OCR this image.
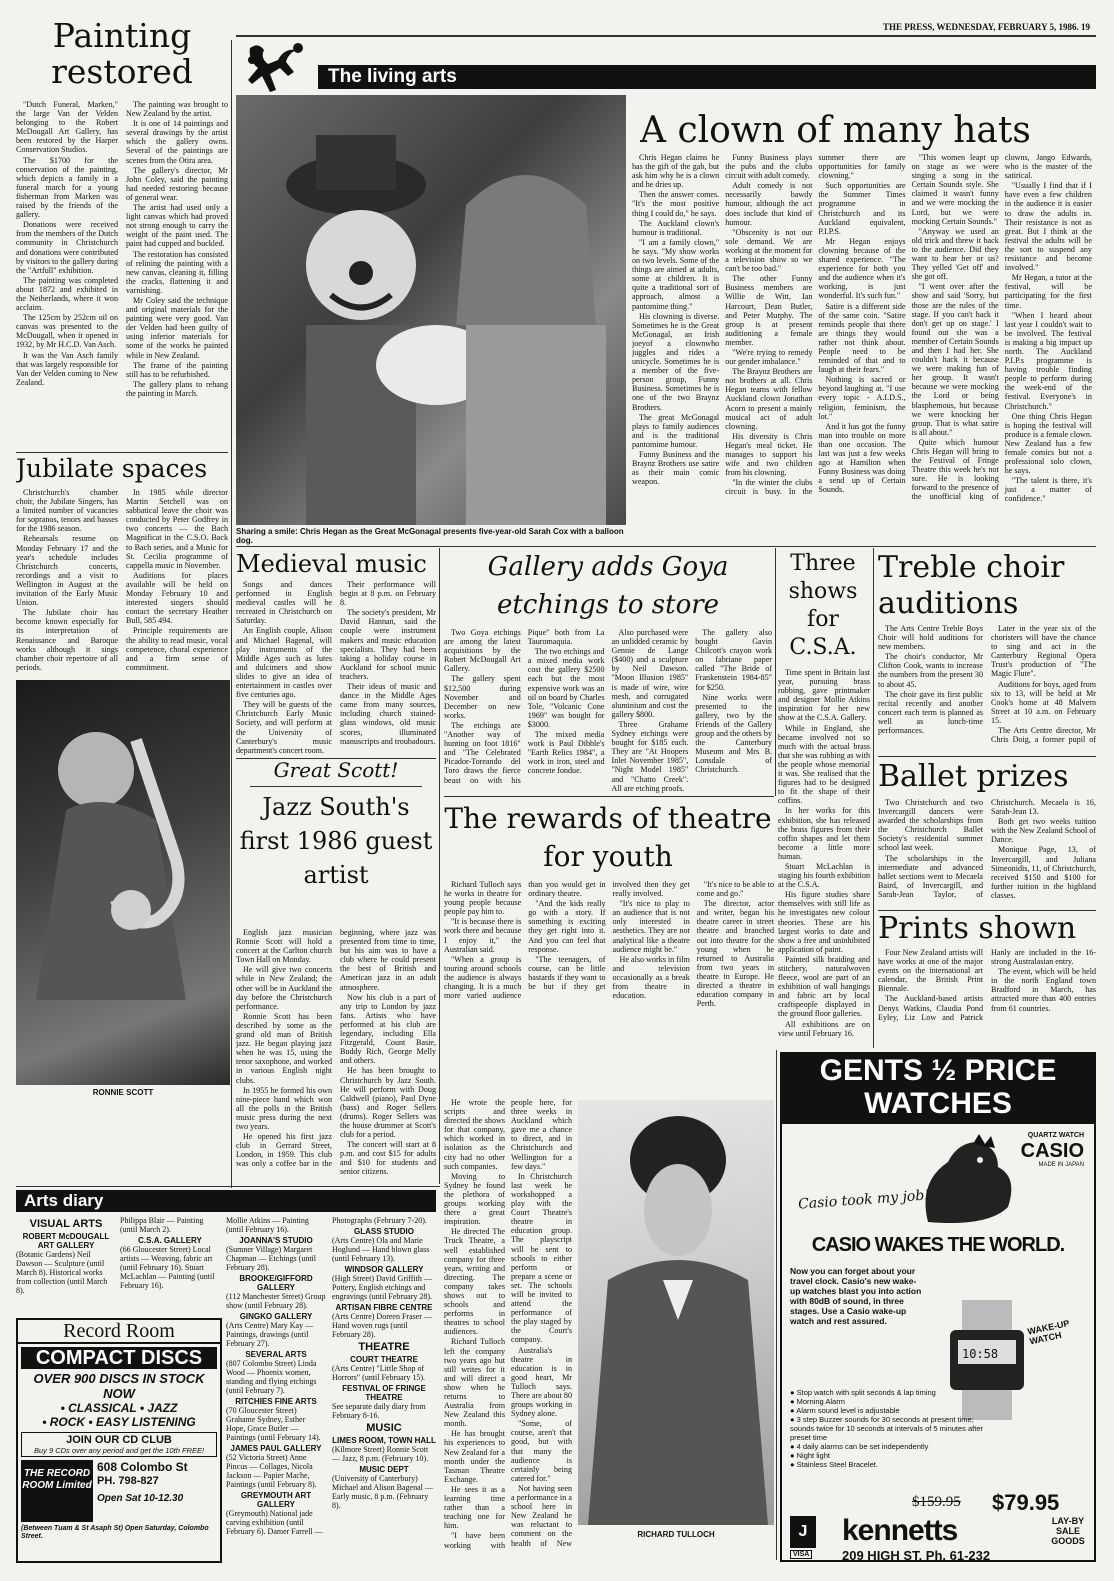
THE PRESS, WEDNESDAY, FEBRUARY 5, 1986. 19
The living arts
Painting restored

"Dutch Funeral, Marken," the large Van der Velden belonging to the Robert McDougall Art Gallery, has been restored by the Harper Conservation Studios.

The $1700 for the conservation of the painting, which depicts a family in a funeral march for a young fisherman from Marken was raised by the friends of the gallery.

Donations were received from the members of the Dutch community in Christchurch and donations were contributed by visitors to the gallery during the "Artfull" exhibition.

The painting was completed about 1872 and exhibited in the Netherlands, where it won acclaim.

The 125cm by 252cm oil on canvas was presented to the McDougall, when it opened in 1932, by Mr H.C.D. Van Asch.

It was the Van Asch family that was largely responsible for Van der Velden coming to New Zealand.

The painting was brought to New Zealand by the artist.

It is one of 14 paintings and several drawings by the artist which the gallery owns. Several of the paintings are scenes from the Otira area.

The gallery's director, Mr John Coley, said the painting had needed restoring because of general wear.

The artist had used only a light canvas which had proved not strong enough to carry the weight of the paint used. The paint had cupped and buckled.

The restoration has consisted of relining the painting with a new canvas, cleaning it, filling the cracks, flattening it and varnishing.

Mr Coley said the technique and original materials for the painting were very good. Van der Velden had been guilty of using inferior materials for some of the works he painted while in New Zealand.

The frame of the painting still has to be refurbished.

The gallery plans to rehang the painting in March.

Jubilate spaces

Christchurch's chamber choir, the Jubilate Singers, has a limited number of vacancies for sopranos, tenors and basses for the 1986 season.

Rehearsals resume on Monday February 17 and the year's schedule includes Christchurch concerts, recordings and a visit to Wellington in August at the invitation of the Early Music Union.

The Jubilate choir has become known especially for its interpretation of Renaissance and Baroque works although it sings chamber choir repertoire of all periods.

In 1985 while director Martin Setchell was on sabbatical leave the choir was conducted by Peter Godfrey in two concerts — the Bach Magnificat in the C.S.O. Back to Bach series, and a Music for St. Cecilia programme of cappella music in November.

Auditions for places available will be held on Monday February 10 and interested singers should contact the secretary Heather Bull, 585 494.

Principle requirements are the ability to read music, vocal competence, choral experience and a firm sense of commitment.

Sharing a smile: Chris Hegan as the Great McGonagal presents five-year-old Sarah Cox with a balloon dog.
A clown of many hats

Chris Hegan claims he has the gift of the gab, but ask him why he is a clown and he dries up.

Then the answer comes. "It's the most positive thing I could do," he says.

The Auckland clown's humour is traditional.

"I am a family clown," he says. "My show works on two levels. Some of the things are aimed at adults, some at children. It is quite a traditional sort of approach, almost a pantomime thing."

His clowning is diverse. Sometimes he is the Great McGonagal, an Irish joeyof a clownwho juggles and rides a unicycle. Sometimes he is a member of the five-person group, Funny Business. Sometimes he is one of the two Braynz Brothers.

The great McGonagal plays to family audiences and is the traditional pantomime humour.

Funny Business and the Braynz Brothers use satire as their main comic weapon.

Funny Business plays the pubs and the clubs circuit with adult comedy.

Adult comedy is not necessarily bawdy humour, although the act does include that kind of humour.

"Obscenity is not our sole demand. We are working at the moment for a television show so we can't be too bad."

The other Funny Business members are Willie de Witt, Ian Harcourt, Dean Butler, and Peter Murphy. The group is at present auditioning a female member.

"We're trying to remedy our gender imbalance."

The Braynz Brothers are not brothers at all. Chris Hegan teams with fellow Auckland clown Jonathan Acorn to present a mainly musical act of adult clowning.

His diversity is Chris Hegan's meal ticket. He manages to support his wife and two children from his clowning.

"In the winter the clubs circuit is busy. In the summer there are opportunities for family clowning."

Such opportunities are the Summer Times programme in Christchurch and its Auckland equivalent, P.I.P.S.

Mr Hegan enjoys clowning because of the shared experience. "The experience for both you and the audience when it's working, is just wonderful. It's such fun."

Satire is a different side of the same coin. "Satire reminds people that there are things they would rather not think about. People need to be reminded of that and to laugh at their fears."

Nothing is sacred or beyond laughing at. "I use every topic - A.I.D.S., religion, feminism, the lot."

And it has got the funny man into trouble on more than one occasion. The last was just a few weeks ago at Hamilton when Funny Business was doing a send up of Certain Sounds.

"This women leapt up on stage as we were singing a song in the Certain Sounds style. She claimed it wasn't funny and we were mocking the Lord, but we were mocking Certain Sounds."

"Anyway we used an old trick and threw it back to the audience. Did they want to hear her or us? They yelled 'Get off' and she got off.

"I went over after the show and said 'Sorry, but those are the rules of the stage. If you can't hack it don't get up on stage.' I found out she was a member of Certain Sounds and then I had her. She couldn't hack it because we were making fun of her group. It wasn't because we were mocking the Lord or being blasphemous, but because we were knocking her group. That is what satire is all about."

Quite which humour Chris Hegan will bring to the Festival of Fringe Theatre this week he's not sure. He is looking forward to the presence of the unofficial king of clowns, Jango Edwards, who is the master of the satirical.

"Usually I find that if I have even a few children in the audience it is easier to draw the adults in. Their resistance is not as great. But I think at the festival the adults will be the sort to suspend any resistance and become involved."

Mr Hegan, a tutor at the festival, will be participating for the first time.

"When I heard about last year I couldn't wait to be involved. The festival is making a big impact up north. The Auckland P.I.P.s programme is having trouble finding people to perform during the week-end of the festival. Everyone's in Christchurch."

One thing Chris Hegan is hoping the festival will produce is a female clown. New Zealand has a few female comics but not a professional solo clown, he says.

"The talent is there, it's just a matter of confidence."

Medieval music

Songs and dances performed in English medieval castles will be recreated in Christchurch on Saturday.

An English couple, Alison and Michael Bagenal, will play instruments of the Middle Ages such as lutes and dulcimers and show slides to give an idea of entertainment in castles over five centuries ago.

They will be guests of the Christchurch Early Music Society, and will perform at the University of Canterbury's music department's concert room.

Their performance will begin at 8 p.m. on February 8.

The society's president, Mr David Hannan, said the couple were instrument makers and music education specialists. They had been taking a holiday course in Auckland for school music teachers.

Their ideas of music and dance in the Middle Ages came from many sources, including church stained-glass windows, old music scores, illuminated manuscripts and troubadours.

RONNIE SCOTT
Great Scott!
Jazz South's first 1986 guest artist

English jazz musician Ronnie Scott will hold a concert at the Carlton church Town Hall on Monday.

He will give two concerts while in New Zealand; the other will be in Auckland the day before the Christchurch performance.

Ronnie Scott has been described by some as the grand old man of British jazz. He began playing jazz when he was 15, using the tenor saxophone, and worked in various English night clubs.

In 1955 he formed his own nine-piece band which won all the polls in the British music press during the next two years.

He opened his first jazz club in Gerrard Street, London, in 1959. This club was only a coffee bar in the beginning, where jazz was presented from time to time, but his aim was to have a club where he could present the best of British and American jazz in an adult atmosphere.

Now his club is a part of any trip to London by jazz fans. Artists who have performed at his club are legendary, including Ella Fitzgerald, Count Basie, Buddy Rich, George Melly and others.

He has been brought to Christchurch by Jazz South. He will perform with Doug Caldwell (piano), Paul Dyne (bass) and Roger Sellers (drums). Roger Sellers was the house drummer at Scott's club for a period.

The concert will start at 8 p.m. and cost $15 for adults and $10 for students and senior citizens.

Gallery adds Goya etchings to store

Two Goya etchings are among the latest acquisitions by the Robert McDougall Art Gallery.

The gallery spent $12,500 during November and December on new works.

The etchings are "Another way of hunting on foot 1816" and "The Celebrated Picador-Toreando del Toro draws the fierce beast on with his Pique" both from La Tauromaquia.

The two etchings and a mixed media work cost the gallery $2500 each but the most expensive work was an oil on board by Charles Tole, "Volcanic Cone 1969" was bought for $3000.

The mixed media work is Paul Dibble's "Earth Relics 1984", a work in iron, steel and concrete fondue.

Also purchased were an unlidded ceramic by Gennie de Lange ($400) and a sculpture by Neil Dawson. "Moon Illusion 1985" is made of wire, wire mesh, and corrugated aluminium and cost the gallery $800.

Three Grahame Sydney etchings were bought for $185 each. They are "At Hoopers Inlet November 1985", "Night Model 1985" and "Chatto Creek". All are etching proofs.

The gallery also bought Gavin Chilcott's crayon work on fabriane paper called "The Bride of Frankenstein 1984-85" for $250.

Nine works were presented to the gallery, two by the Friends of the Gallery group and the others by the Canterbury Museum and Mrs B. Lonsdale of Christchurch.

Three shows for C.S.A.

Time spent in Britain last year, pursuing brass rubbing, gave printmaker and designer Mollie Atkins inspiration for her new show at the C.S.A. Gallery.

While in England, she became involved not so much with the actual brass that she was rubbing as with the people whose memorial it was. She realised that the figures had to be designed to fit the shape of their coffins.

In her works for this exhibition, she has released the brass figures from their coffin shapes and let them become a little more human.

Stuart McLachlan is staging his fourth exhibition at the C.S.A.

His figure studies share themselves with still life as he investigates new colour theories. These are his largest works to date and show a free and uninhibited application of paint.

Painted silk braiding and stitchery, naturalwoven fleece, wool are part of an exhibition of wall hangings and fabric art by local craftspeople displayed in the ground floor galleries.

All exhibitions are on view until February 16.

Treble choir auditions

The Arts Centre Treble Boys Choir will hold auditions for new members.

The choir's conductor, Mr Clifton Cook, wants to increase the numbers from the present 30 to about 45.

The choir gave its first public recital recently and another concert each term is planned as well as lunch-time performances.

Later in the year six of the choristers will have the chance to sing and act in the Canterbury Regional Opera Trust's production of "The Magic Flute".

Auditions for boys, aged from six to 13, will be held at Mr Cook's home at 48 Malvern Street at 10 a.m. on February 15.

The Arts Centre director, Mr Chris Doig, a former pupil of

Ballet prizes

Two Christchurch and two Invercargill dancers were awarded the scholarships from the Christchurch Ballet Society's residential summer school last week.

The scholarships in the intermediate and advanced ballet sections went to Mecaela Baird, of Invercargill, and Sarah-Jean Taylor, of Christchurch. Mecaela is 16, Sarah-Jean 13.

Both get two weeks tuition with the New Zealand School of Dance.

Monique Page, 13, of Invercargill, and Juliana Simeonidis, 11, of Christchurch, received $150 and $100 for further tuition in the highland classes.

Prints shown

Four New Zealand artists will have works at one of the major events on the international art calendar, the British Print Biennale.

The Auckland-based artists Denys Watkins, Claudia Pond Eyley, Liz Low and Patrick Hanly are included in the 16-strong Australasian entry.

The event, which will be held in the north England town Bradford in March, has attracted more than 400 entries from 61 countries.

The rewards of theatre for youth

Richard Tulloch says he works in theatre for young people because people pay him to.

"It is because there is work there and because I enjoy it," the Australian said.

"When a group is touring around schools the audience is always changing. It is a much more varied audience than you would get in ordinary theatre.

"And the kids really go with a story. If something is exciting they get right into it. And you can feel that response.

"The teenagers, of course, can be little bastards if they want to be but if they get involved then they get really involved.

"It's nice to play to an audience that is not only interested in aesthetics. They are not analytical like a theatre audience might be."

He also works in film and television occasionally as a break from theatre in education.

"It's nice to be able to come and go."

The director, actor and writer, began his theatre career in street theatre and branched out into theatre for the young when he returned to Australia from two years in theatre in Europe. He directed a theatre in education company in Perth.

He wrote the scripts and directed the shows for that company, which worked in isolation as the city had no other such companies.

Moving to Sydney he found the plethora of groups working there a great inspiration.

He directed The Truck Theatre, a well established company for three years, writing and directing. The company takes shows out to schools and performs in theatres to school audiences.

Richard Tulloch left the company two years ago but still writes for it and will direct a show when he returns to Australia from New Zealand this month.

He has brought his experiences to New Zealand for a month under the Tasman Theatre Exchange.

He sees it as a learning time rather than a teaching one for him.

"I have been working with people here, for three weeks in Auckland which gave me a chance to direct, and in Christchurch and Wellington for a few days."

In Christchurch last week he workshopped a play with the Court Theatre's theatre in education group. The playscript will be sent to schools to either perform or prepare a scene or set. The schools will be invited to attend the performance of the play staged by the Court's company.

Australia's theatre in education is in good heart, Mr Tulloch says. There are about 80 groups working in Sydney alone.

"Some, of course, aren't that good, but with that many the audience is certainly being catered for."

Not having seen a performance in a school here in New Zealand he was reluctant to comment on the health of New

RICHARD TULLOCH
Arts diary
VISUAL ARTS
ROBERT McDOUGALL ART GALLERY
(Botanic Gardens) Neil Dawson — Sculpture (until March 8). Historical works from collection (until March 8).
Philippa Blair — Painting (until March 2).
C.S.A. GALLERY
(66 Gloucester Street) Local artists — Weaving, fabric art (until February 16). Stuart McLachlan — Painting (until February 16).
Mollie Atkins — Painting (until February 16).
JOANNA'S STUDIO
(Sumner Village) Margaret Chapman — Etchings (until February 28).
BROOKE/GIFFORD GALLERY
(112 Manchester Street) Group show (until February 28).
GINGKO GALLERY
(Arts Centre) Mary Kay — Paintings, drawings (until February 27).
SEVERAL ARTS
(807 Colombo Street) Linda Wood — Phoenix women, standing and flying etchings (until February 7).
RITCHIES FINE ARTS
(70 Gloucester Street) Grahame Sydney, Esther Hope, Grace Butler — Paintings (until February 14).
JAMES PAUL GALLERY
(52 Victoria Street) Anne Pincus — Collages, Nicola Jackson — Papier Mache, Paintings (until February 8).
GREYMOUTH ART GALLERY
(Greymouth) National jade carving exhibition (until February 6). Damer Farrell —
Photographs (February 7-20).
GLASS STUDIO
(Arts Centre) Ola and Marie Hoglund — Hand blown glass (until February 13).
WINDSOR GALLERY
(High Street) David Griffith — Pottery, English etchings and engravings (until February 28).
ARTISAN FIBRE CENTRE
(Arts Centre) Doreen Fraser — Hand woven rugs (until February 28).
THEATRE
COURT THEATRE
(Arts Centre) "Little Shop of Horrors" (until February 15).
FESTIVAL OF FRINGE THEATRE
See separate daily diary from February 8-16.
MUSIC
LIMES ROOM, TOWN HALL
(Kilmore Street) Ronnie Scott — Jazz, 8 p.m. (February 10).
MUSIC DEPT
(University of Canterbury) Michael and Alison Bagenal — Early music, 8 p.m. (February 8).
Record Room
COMPACT DISCS
OVER 900 DISCS IN STOCK NOW
• CLASSICAL • JAZZ
• ROCK • EASY LISTENING
JOIN OUR CD CLUB
Buy 9 CDs over any period and get the 10th FREE!
THE RECORD ROOM Limited
608 Colombo St
PH. 798-827
Open Sat 10-12.30
(Between Tuam & St Asaph St) Open Saturday, Colombo Street.
GENTS ½ PRICE
WATCHES
QUARTZ WATCH
CASIO
MADE IN JAPAN
Casio took my job!
CASIO WAKES THE WORLD.
Now you can forget about your travel clock. Casio's new wake-up watches blast you into action with 80dB of sound, in three stages. Use a Casio wake-up watch and rest assured.
10:58
WAKE-UP WATCH
● Stop watch with split seconds & lap timing
● Morning Alarm
● Alarm sound level is adjustable
● 3 step Buzzer sounds for 30 seconds at present time; sounds twice for 10 seconds at intervals of 5 minutes after preset time
● 4 daily alarms can be set independently
● Night light
● Stainless Steel Bracelet.
$159.95 $79.95
J kennetts	LAY-BY SALE GOODS
VISA	209 HIGH ST. Ph. 61-232
